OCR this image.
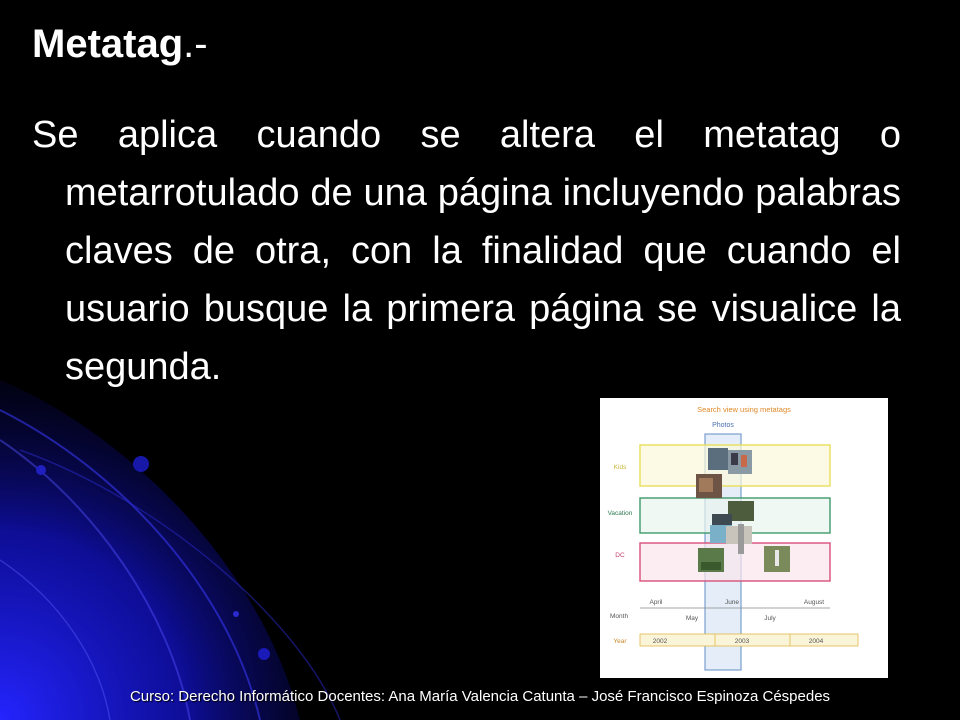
Metatag.-

Se aplica cuando se altera el metatag o metarrotulado de una página incluyendo palabras claves de otra, con la finalidad que cuando el usuario busque la primera página se visualice la segunda.

Search view using metatags
Photos
Kids
Vacation
DC
Month
April	June	August
May	July
Year	2002	2003	2004
Curso: Derecho Informático Docentes: Ana María Valencia Catunta – José Francisco Espinoza Céspedes
